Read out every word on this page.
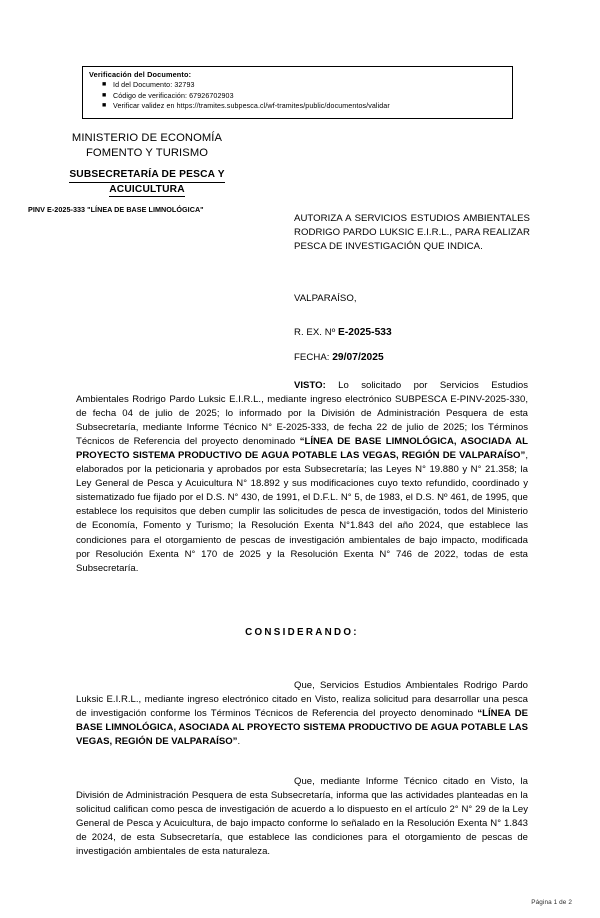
Verificación del Documento:
■ Id del Documento: 32793
■ Código de verificación: 67926702903
■ Verificar validez en https://tramites.subpesca.cl/wf-tramites/public/documentos/validar
MINISTERIO DE ECONOMÍA
FOMENTO Y TURISMO
SUBSECRETARÍA DE PESCA Y
ACUICULTURA
PINV E-2025-333 "LÍNEA DE BASE LIMNOLÓGICA"
AUTORIZA A SERVICIOS ESTUDIOS AMBIENTALES RODRIGO PARDO LUKSIC E.I.R.L., PARA REALIZAR PESCA DE INVESTIGACIÓN QUE INDICA.
VALPARAÍSO,
R. EX. Nº E-2025-533
FECHA: 29/07/2025
VISTO: Lo solicitado por Servicios Estudios Ambientales Rodrigo Pardo Luksic E.I.R.L., mediante ingreso electrónico SUBPESCA E-PINV-2025-330, de fecha 04 de julio de 2025; lo informado por la División de Administración Pesquera de esta Subsecretaría, mediante Informe Técnico N° E-2025-333, de fecha 22 de julio de 2025; los Términos Técnicos de Referencia del proyecto denominado “LÍNEA DE BASE LIMNOLÓGICA, ASOCIADA AL PROYECTO SISTEMA PRODUCTIVO DE AGUA POTABLE LAS VEGAS, REGIÓN DE VALPARAÍSO”, elaborados por la peticionaria y aprobados por esta Subsecretaría; las Leyes N° 19.880 y N° 21.358; la Ley General de Pesca y Acuicultura N° 18.892 y sus modificaciones cuyo texto refundido, coordinado y sistematizado fue fijado por el D.S. N° 430, de 1991, el D.F.L. N° 5, de 1983, el D.S. Nº 461, de 1995, que establece los requisitos que deben cumplir las solicitudes de pesca de investigación, todos del Ministerio de Economía, Fomento y Turismo; la Resolución Exenta N°1.843 del año 2024, que establece las condiciones para el otorgamiento de pescas de investigación ambientales de bajo impacto, modificada por Resolución Exenta N° 170 de 2025 y la Resolución Exenta N° 746 de 2022, todas de esta Subsecretaría.
CONSIDERANDO:
Que, Servicios Estudios Ambientales Rodrigo Pardo Luksic E.I.R.L., mediante ingreso electrónico citado en Visto, realiza solicitud para desarrollar una pesca de investigación conforme los Términos Técnicos de Referencia del proyecto denominado “LÍNEA DE BASE LIMNOLÓGICA, ASOCIADA AL PROYECTO SISTEMA PRODUCTIVO DE AGUA POTABLE LAS VEGAS, REGIÓN DE VALPARAÍSO”.
Que, mediante Informe Técnico citado en Visto, la División de Administración Pesquera de esta Subsecretaría, informa que las actividades planteadas en la solicitud califican como pesca de investigación de acuerdo a lo dispuesto en el artículo 2° N° 29 de la Ley General de Pesca y Acuicultura, de bajo impacto conforme lo señalado en la Resolución Exenta N° 1.843 de 2024, de esta Subsecretaría, que establece las condiciones para el otorgamiento de pescas de investigación ambientales de esta naturaleza.
Página 1 de 2
